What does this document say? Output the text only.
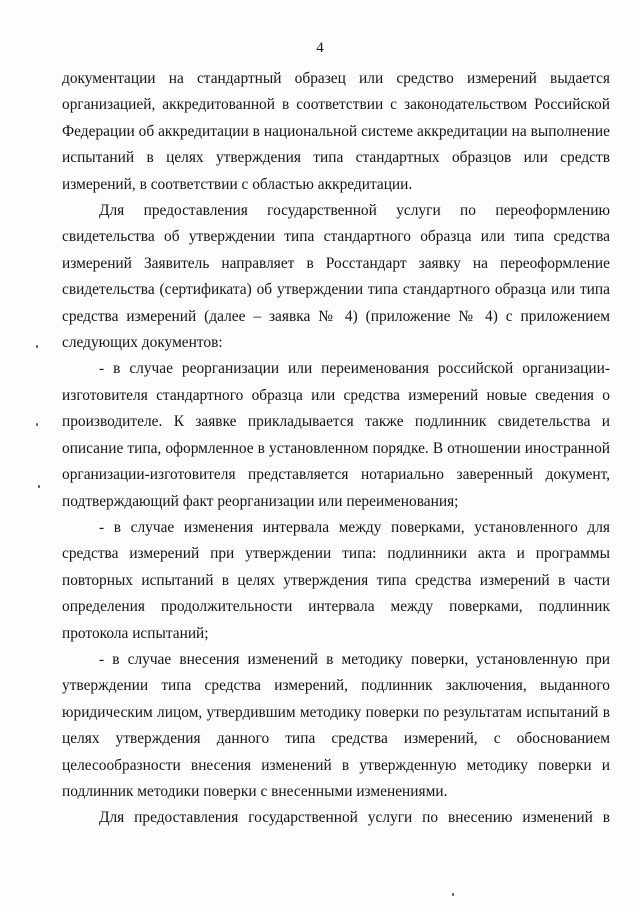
4

документации на стандартный образец или средство измерений выдается организацией, аккредитованной в соответствии с законодательством Российской Федерации об аккредитации в национальной системе аккредитации на выполнение испытаний в целях утверждения типа стандартных образцов или средств измерений, в соответствии с областью аккредитации.

Для предоставления государственной услуги по переоформлению свидетельства об утверждении типа стандартного образца или типа средства измерений Заявитель направляет в Росстандарт заявку на переоформление свидетельства (сертификата) об утверждении типа стандартного образца или типа средства измерений (далее – заявка № 4) (приложение № 4) с приложением следующих документов:

- в случае реорганизации или переименования российской организации-изготовителя стандартного образца или средства измерений новые сведения о производителе. К заявке прикладывается также подлинник свидетельства и описание типа, оформленное в установленном порядке. В отношении иностранной организации-изготовителя представляется нотариально заверенный документ, подтверждающий факт реорганизации или переименования;

- в случае изменения интервала между поверками, установленного для средства измерений при утверждении типа: подлинники акта и программы повторных испытаний в целях утверждения типа средства измерений в части определения продолжительности интервала между поверками, подлинник протокола испытаний;

- в случае внесения изменений в методику поверки, установленную при утверждении типа средства измерений, подлинник заключения, выданного юридическим лицом, утвердившим методику поверки по результатам испытаний в целях утверждения данного типа средства измерений, с обоснованием целесообразности внесения изменений в утвержденную методику поверки и подлинник методики поверки с внесенными изменениями.

Для предоставления государственной услуги по внесению изменений в
